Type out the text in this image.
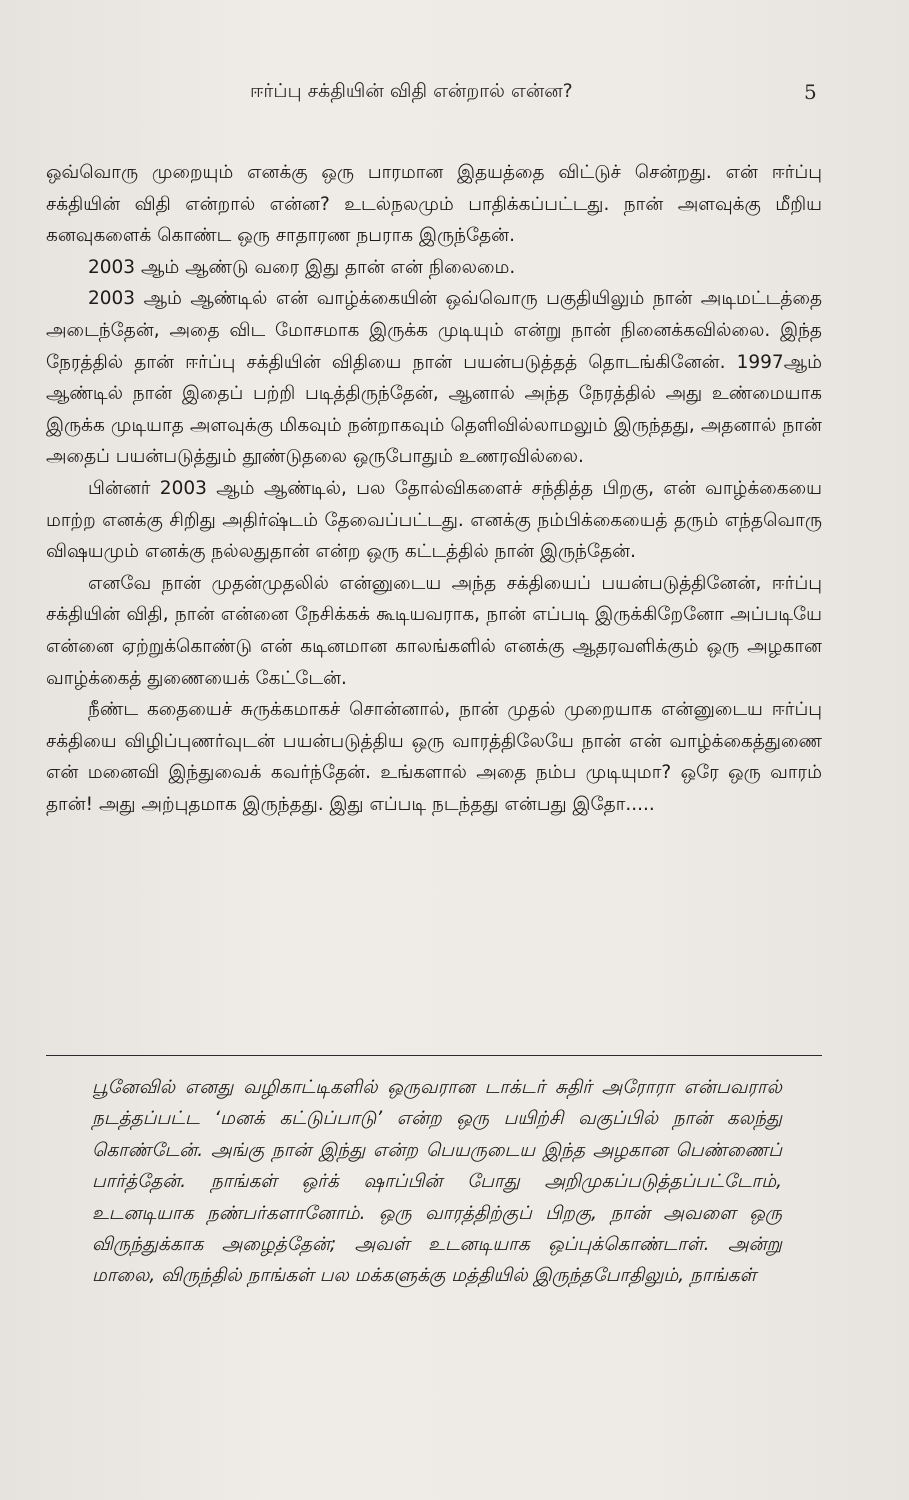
ஈர்ப்பு சக்தியின் விதி என்றால் என்ன?	5

ஒவ்வொரு முறையும் எனக்கு ஒரு பாரமான இதயத்தை விட்டுச் சென்றது. என் ஈர்ப்பு சக்தியின் விதி என்றால் என்ன? உடல்நலமும் பாதிக்கப்பட்டது. நான் அளவுக்கு மீறிய கனவுகளைக் கொண்ட ஒரு சாதாரண நபராக இருந்தேன்.

2003 ஆம் ஆண்டு வரை இது தான் என் நிலைமை.

2003 ஆம் ஆண்டில் என் வாழ்க்கையின் ஒவ்வொரு பகுதியிலும் நான் அடிமட்டத்தை அடைந்தேன், அதை விட மோசமாக இருக்க முடியும் என்று நான் நினைக்கவில்லை. இந்த நேரத்தில் தான் ஈர்ப்பு சக்தியின் விதியை நான் பயன்படுத்தத் தொடங்கினேன். 1997ஆம் ஆண்டில் நான் இதைப் பற்றி படித்திருந்தேன், ஆனால் அந்த நேரத்தில் அது உண்மையாக இருக்க முடியாத அளவுக்கு மிகவும் நன்றாகவும் தெளிவில்லாமலும் இருந்தது, அதனால் நான் அதைப் பயன்படுத்தும் தூண்டுதலை ஒருபோதும் உணரவில்லை.

பின்னர் 2003 ஆம் ஆண்டில், பல தோல்விகளைச் சந்தித்த பிறகு, என் வாழ்க்கையை மாற்ற எனக்கு சிறிது அதிர்ஷ்டம் தேவைப்பட்டது. எனக்கு நம்பிக்கையைத் தரும் எந்தவொரு விஷயமும் எனக்கு நல்லதுதான் என்ற ஒரு கட்டத்தில் நான் இருந்தேன்.

எனவே நான் முதன்முதலில் என்னுடைய அந்த சக்தியைப் பயன்படுத்தினேன், ஈர்ப்பு சக்தியின் விதி, நான் என்னை நேசிக்கக் கூடியவராக, நான் எப்படி இருக்கிறேனோ அப்படியே என்னை ஏற்றுக்கொண்டு என் கடினமான காலங்களில் எனக்கு ஆதரவளிக்கும் ஒரு அழகான வாழ்க்கைத் துணையைக் கேட்டேன்.

நீண்ட கதையைச் சுருக்கமாகச் சொன்னால், நான் முதல் முறையாக என்னுடைய ஈர்ப்பு சக்தியை விழிப்புணர்வுடன் பயன்படுத்திய ஒரு வாரத்திலேயே நான் என் வாழ்க்கைத்துணை என் மனைவி இந்துவைக் கவர்ந்தேன். உங்களால் அதை நம்ப முடியுமா? ஒரே ஒரு வாரம் தான்! அது அற்புதமாக இருந்தது. இது எப்படி நடந்தது என்பது இதோ.....

பூனேவில் எனது வழிகாட்டிகளில் ஒருவரான டாக்டர் சுதிர் அரோரா என்பவரால் நடத்தப்பட்ட ‘மனக் கட்டுப்பாடு’ என்ற ஒரு பயிற்சி வகுப்பில் நான் கலந்து கொண்டேன். அங்கு நான் இந்து என்ற பெயருடைய இந்த அழகான பெண்ணைப் பார்த்தேன். நாங்கள் ஒர்க் ஷாப்பின் போது அறிமுகப்படுத்தப்பட்டோம், உடனடியாக நண்பர்களானோம். ஒரு வாரத்திற்குப் பிறகு, நான் அவளை ஒரு விருந்துக்காக அழைத்தேன்; அவள் உடனடியாக ஒப்புக்கொண்டாள். அன்று மாலை, விருந்தில் நாங்கள் பல மக்களுக்கு மத்தியில் இருந்தபோதிலும், நாங்கள்
